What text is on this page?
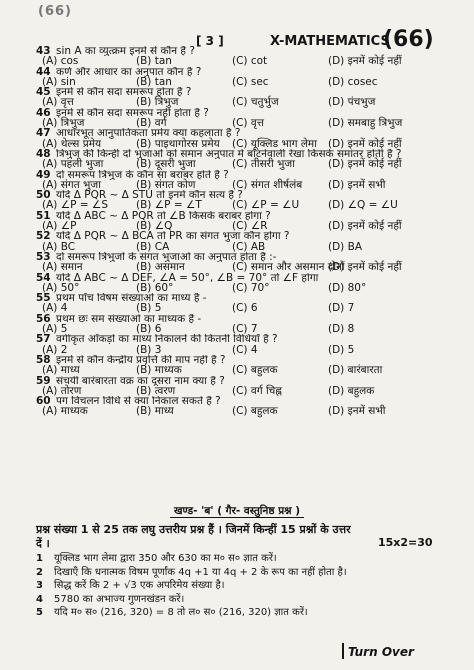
(66)
[ 3 ]	X-MATHEMATICS
(66)
43 sin A का व्युत्क्रम इनमें से कौन है ?
(A) cos	(B) tan	(C) cot	(D) इनमें कोई नहीं
44 कर्ण और आधार का अनुपात कौन है ?
(A) sin	(B) tan	(C) sec	(D) cosec
45 इनमें से कौन सदा समरूप होता है ?
(A) वृत्त	(B) त्रिभुज	(C) चतुर्भुज	(D) पंचभुज
46 इनमें से कौन सदा समरूप नहीं होता है ?
(A) त्रिभुज	(B) वर्ग	(C) वृत्त	(D) समबाहु त्रिभुज
47 आधारभूत आनुपातिकता प्रमेय क्या कहलाता है ?
(A) थेल्स प्रमेय	(B) पाइथागोरस प्रमेय (C) यूक्लिड भाग लेमा (D) इनमें कोई नहीं
48 त्रिभुज की किन्हीं दो भुजाओं को समान अनुपात में बाँटनेवाली रेखा किसके समांतर होती है ?
(A) पहली भुजा	(B) दूसरी भुजा	(C) तीसरी भुजा	(D) इनमें कोई नहीं
49 दो समरूप त्रिभुज के कौन सा बराबर होते हैं ?
(A) संगत भुजा	(B) संगत कोण	(C) संगत शीर्षलंब (D) इनमें सभी
50 यदि Δ PQR ~ Δ STU तो इनमें कौन सत्य है ?
(A) ∠P = ∠S	(B) ∠P = ∠T	(C) ∠P = ∠U	(D) ∠Q = ∠U
51 यदि Δ ABC ~ Δ PQR तो ∠B किसके बराबर होगा ?
(A) ∠P	(B) ∠Q	(C) ∠R	(D) इनमें कोई नहीं
52 यदि Δ PQR ~ Δ BCA तो PR का संगत भुजा कौन होगा ?
(A) BC	(B) CA	(C) AB	(D) BA
53 दो समरूप त्रिभुजों के संगत भुजाओं का अनुपात होता है :-
(A) समान	(B) असमान	(C) समान और असमान दोनों
(D) इनमें कोई नहीं
54 यदि Δ ABC ~ Δ DEF, ∠A = 50°, ∠B = 70° तो ∠F होगा
(A) 50°	(B) 60°	(C) 70°	(D) 80°
55 प्रथम पाँच विषम संख्याओं का माध्य है -
(A) 4	(B) 5	(C) 6	(D) 7
56 प्रथम छः सम संख्याओं का माध्यक है -
(A) 5	(B) 6	(C) 7	(D) 8
57 वर्गीकृत आँकड़ों का माध्य निकालने की कितनी विधियाँ है ?
(A) 2	(B) 3	(C) 4	(D) 5
58 इनमें से कौन केन्द्रीय प्रवृत्ति की माप नहीं है ?
(A) माध्य	(B) माध्यक	(C) बहुलक	(D) बारंबारता
59 संचयी बारंबारता वक्र का दूसरा नाम क्या है ?
(A) तोरण	(B) त्वरण	(C) वर्ग चिह्न	(D) बहुलक
60 पग विचलन विधि से क्या निकाल सकते हैं ?
(A) माध्यक	(B) माध्य	(C) बहुलक	(D) इनमें सभी
खण्ड- 'ब' ( गैर- वस्तुनिष्ठ प्रश्न )
प्रश्न संख्या 1 से 25 तक लघु उत्तरीय प्रश्न हैं । जिनमें किन्हीं 15 प्रश्नों के उत्तर
दें ।	15x2=30
1 यूक्लिड भाग लेमा द्वारा 350 और 630 का म० स० ज्ञात करें।
2 दिखाएँ कि धनात्मक विषम पूर्णांक 4q +1 या 4q + 2 के रूप का नहीं होता है।
3 सिद्ध करें कि 2 + √3 एक अपरिमेय संख्या है।
4 5780 का अभाज्य गुणनखंडन करें।
5 यदि म० स० (216, 320) = 8 तो ल० स० (216, 320) ज्ञात करें।
Turn Over
